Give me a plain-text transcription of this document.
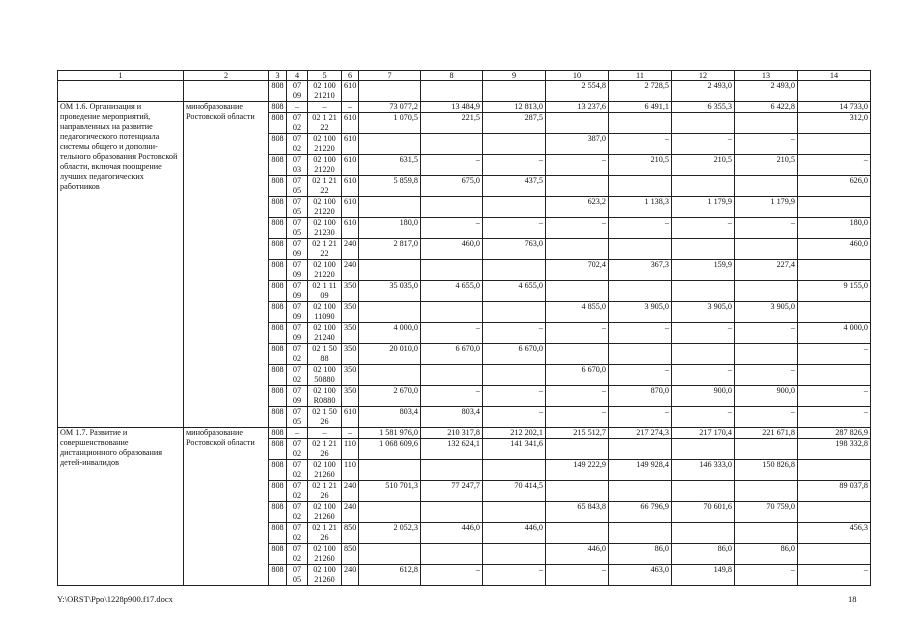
1	2	3	4	5	6	7	8	9	10	11	12	13	14
		808	07 09	02 100 21210	610				2 554,8	2 728,5	2 493,0	2 493,0	
ОМ 1.6. Организация и проведение мероприятий, направленных на развитие педагогического потенциала системы общего и дополни-тельного образования Ростовской области, включая поощрение лучших педагогических работников	минобразование Ростовской области	808	–	–	–	73 077,2	13 484,9	12 813,0	13 237,6	6 491,1	6 355,3	6 422,8	14 733,0
		808	07 02	02 1 21 22	610	1 070,5	221,5	287,5					312,0
		808	07 02	02 100 21220	610				387,0	–	–	–	
		808	07 03	02 100 21220	610	631,5	–	–	–	210,5	210,5	210,5	–
		808	07 05	02 1 21 22	610	5 859,8	675,0	437,5					626,0
		808	07 05	02 100 21220	610				623,2	1 138,3	1 179,9	1 179,9	
		808	07 05	02 100 21230	610	180,0	–	–	–	–	–	–	180,0
		808	07 09	02 1 21 22	240	2 817,0	460,0	763,0					460,0
		808	07 09	02 100 21220	240				702,4	367,3	159,9	227,4	
		808	07 09	02 1 11 09	350	35 035,0	4 655,0	4 655,0					9 155,0
		808	07 09	02 100 11090	350				4 855,0	3 905,0	3 905,0	3 905,0	
		808	07 09	02 100 21240	350	4 000,0	–	–	–	–	–	–	4 000,0
		808	07 02	02 1 50 88	350	20 010,0	6 670,0	6 670,0					–
		808	07 02	02 100 50880	350				6 670,0	–	–	–	
		808	07 09	02 100 R0880	350	2 670,0	–	–	–	870,0	900,0	900,0	–
		808	07 05	02 1 50 26	610	803,4	803,4	–	–	–	–	–	–
ОМ 1.7. Развитие и совершенствование дистанционного образования детей-инвалидов	минобразование Ростовской области	808	–	–	–	1 581 976,0	210 317,8	212 202,1	215 512,7	217 274,3	217 170,4	221 671,8	287 826,9
		808	07 02	02 1 21 26	110	1 068 609,6	132 624,1	141 341,6					198 332,8
		808	07 02	02 100 21260	110				149 222,9	149 928,4	146 333,0	150 826,8	
		808	07 02	02 1 21 26	240	510 701,3	77 247,7	70 414,5					89 037,8
		808	07 02	02 100 21260	240				65 843,8	66 796,9	70 601,6	70 759,0	
		808	07 02	02 1 21 26	850	2 052,3	446,0	446,0					456,3
		808	07 02	02 100 21260	850				446,0	86,0	86,0	86,0	
		808	07 05	02 100 21260	240	612,8	–	–	–	463,0	149,8	–	–
Y:\ORST\Ppo\1228p900.f17.docx	18
